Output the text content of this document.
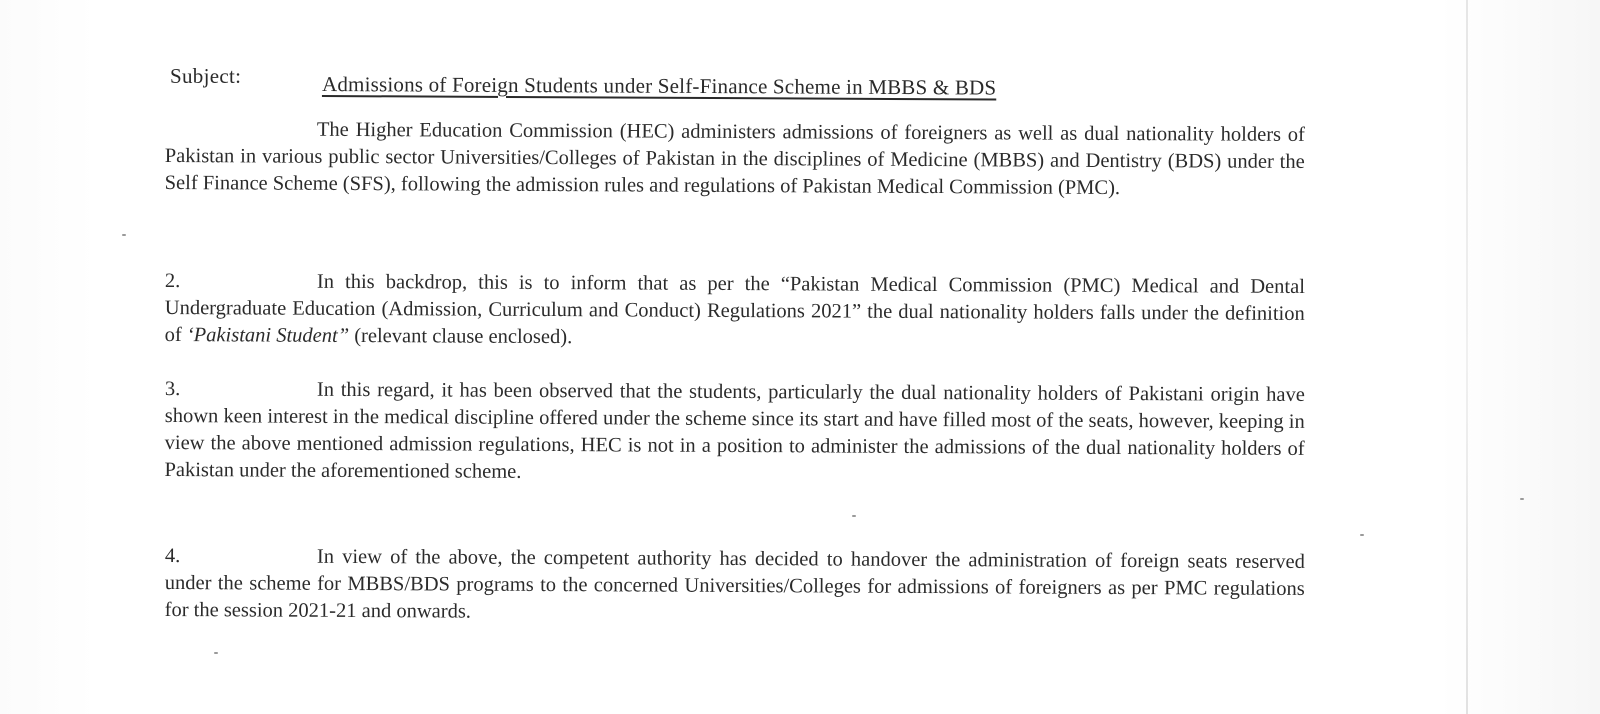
Subject:	Admissions of Foreign Students under Self-Finance Scheme in MBBS & BDS
The Higher Education Commission (HEC) administers admissions of foreigners as well as dual nationality holders of Pakistan in various public sector Universities/Colleges of Pakistan in the disciplines of Medicine (MBBS) and Dentistry (BDS) under the Self Finance Scheme (SFS), following the admission rules and regulations of Pakistan Medical Commission (PMC).
2.	In this backdrop, this is to inform that as per the “Pakistan Medical Commission (PMC) Medical and Dental Undergraduate Education (Admission, Curriculum and Conduct) Regulations 2021” the dual nationality holders falls under the definition of ‘Pakistani Student” (relevant clause enclosed).
3.	In this regard, it has been observed that the students, particularly the dual nationality holders of Pakistani origin have shown keen interest in the medical discipline offered under the scheme since its start and have filled most of the seats, however, keeping in view the above mentioned admission regulations, HEC is not in a position to administer the admissions of the dual nationality holders of Pakistan under the aforementioned scheme.
4.	In view of the above, the competent authority has decided to handover the administration of foreign seats reserved under the scheme for MBBS/BDS programs to the concerned Universities/Colleges for admissions of foreigners as per PMC regulations for the session 2021-21 and onwards.
